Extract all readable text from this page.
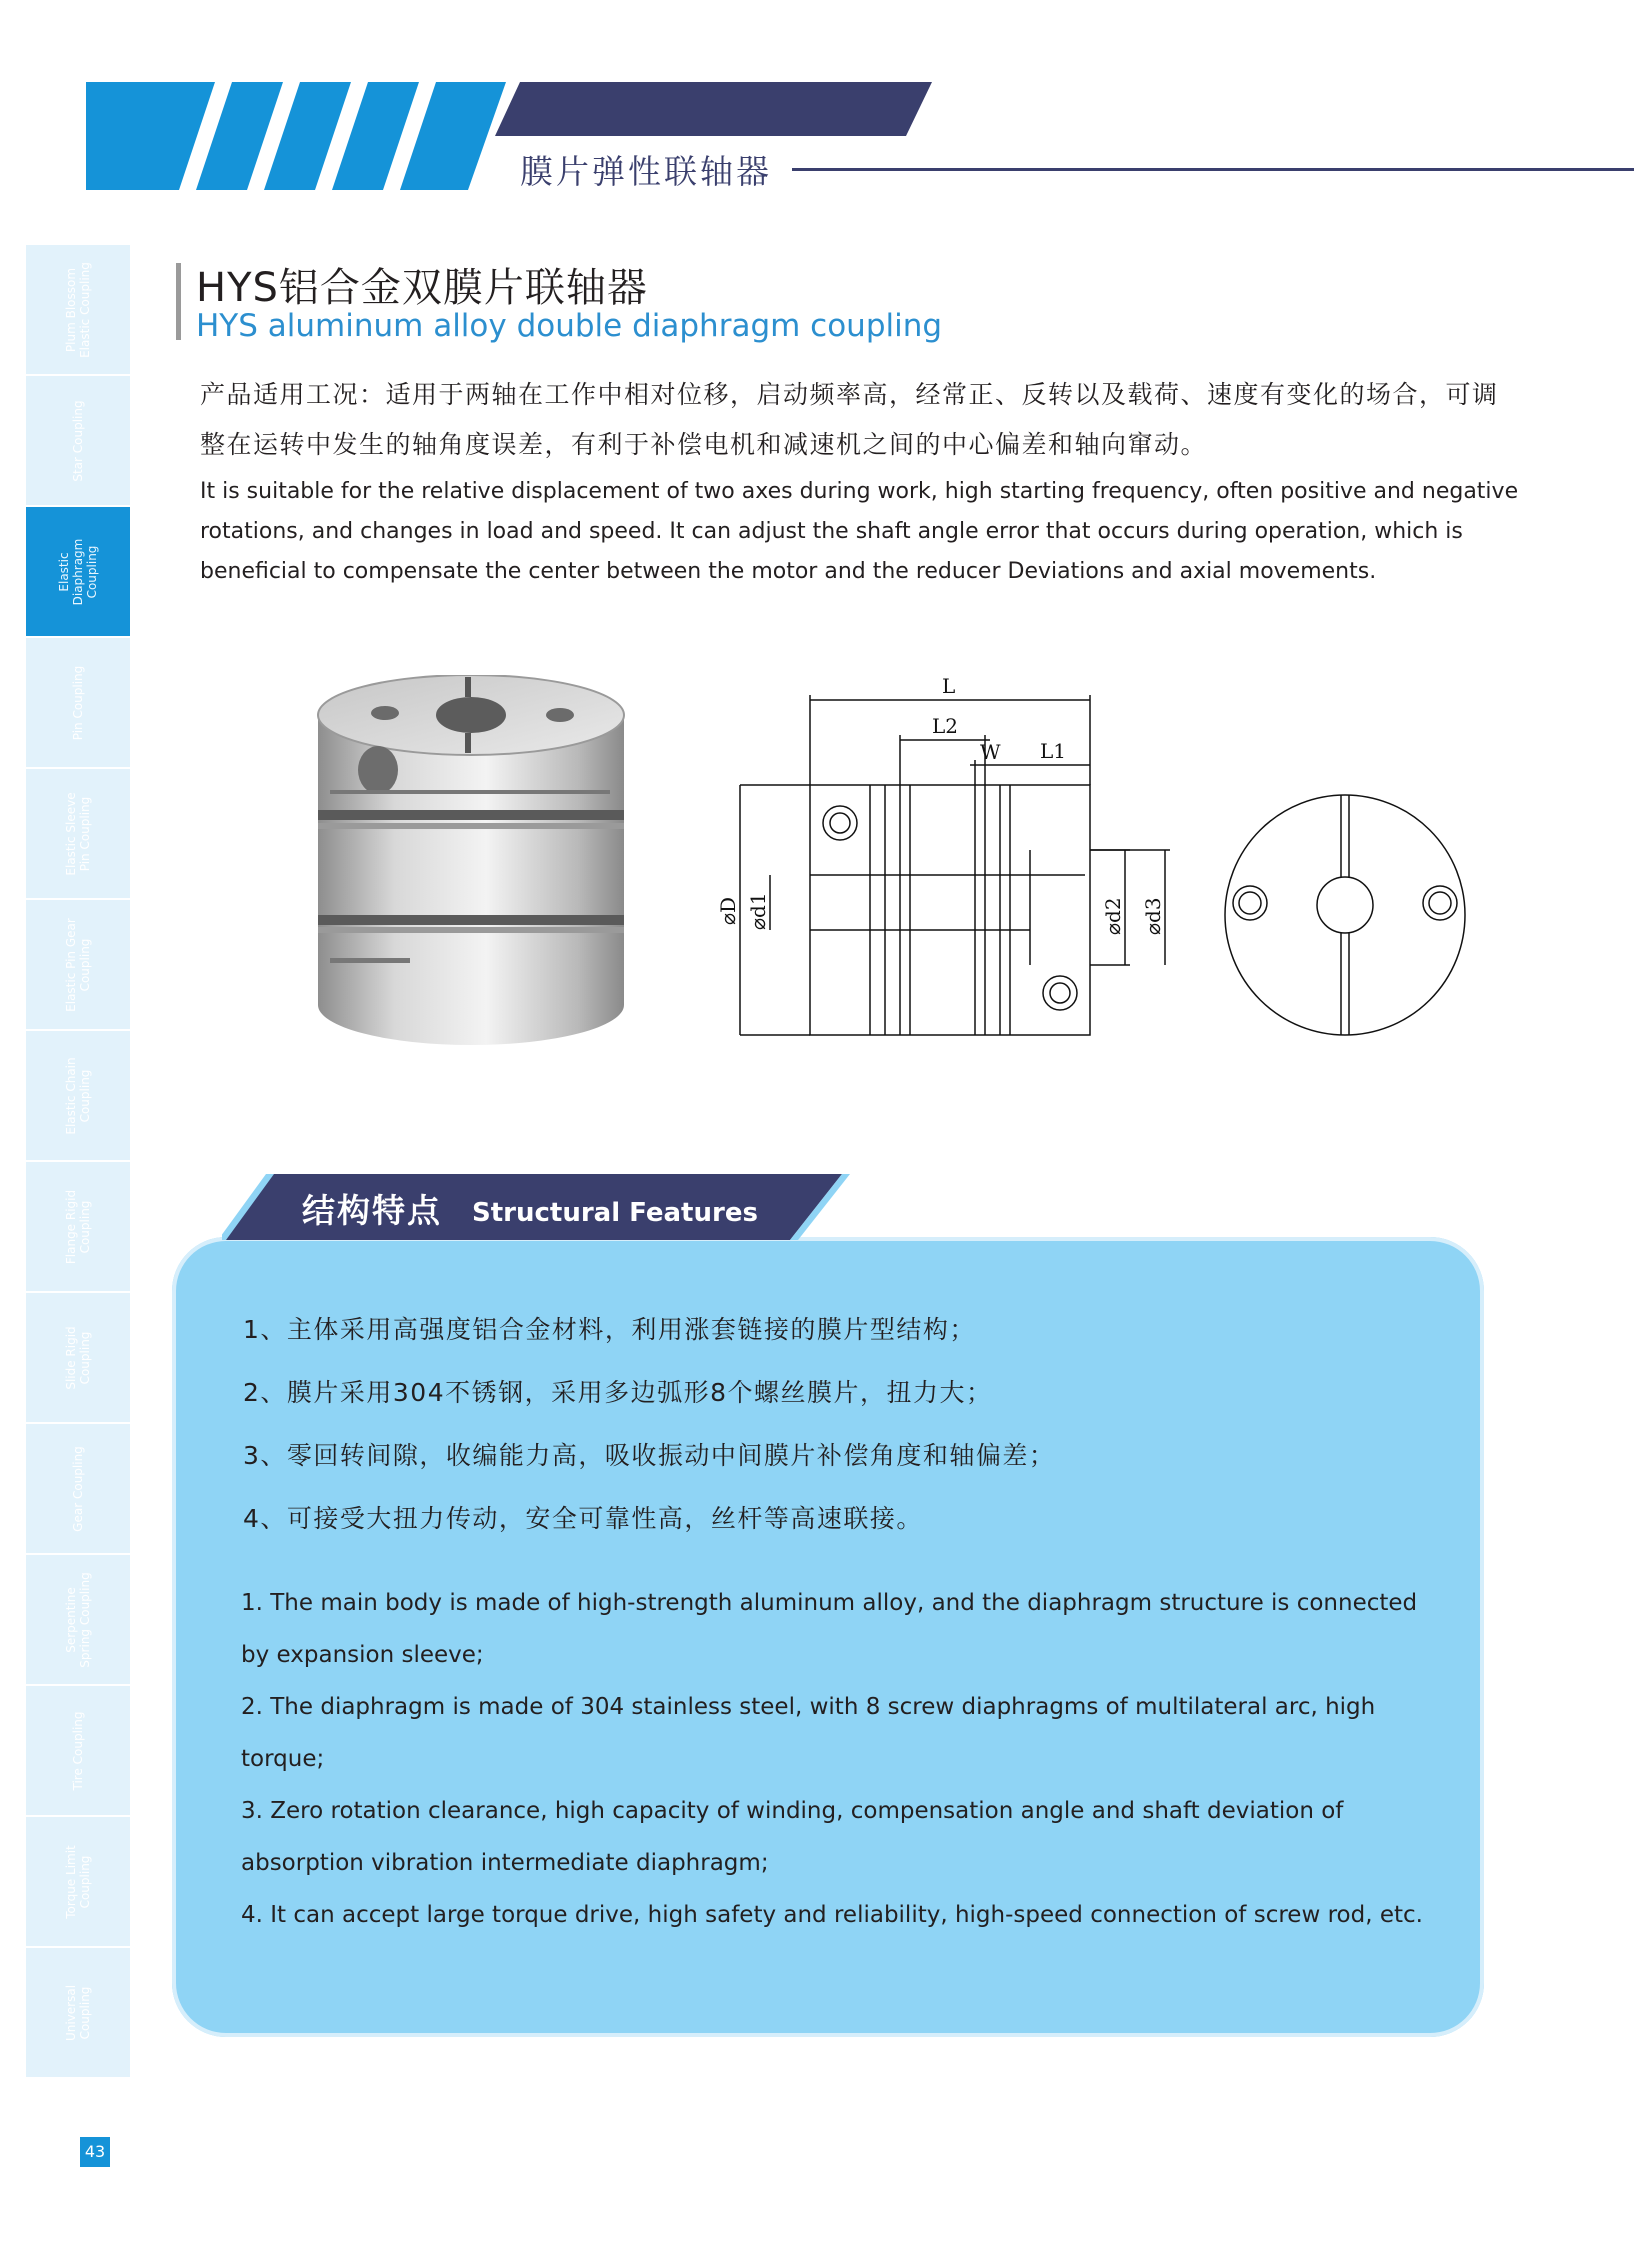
膜片弹性联轴器
Plum Blossom Elastic Coupling
Star Coupling
Elastic Diaphragm Coupling
Pin Coupling
Elastic Sleeve Pin Coupling
Elastic Pin Gear Coupling
Elastic Chain Coupling
Flange Rigid Coupling
Slide Rigid Coupling
Gear Coupling
Serpentine Spring Coupling
Tire Coupling
Torque Limit Coupling
Universal Coupling
HYS铝合金双膜片联轴器
HYS aluminum alloy double diaphragm coupling
产品适用工况：适用于两轴在工作中相对位移，启动频率高，经常正、反转以及载荷、速度有变化的场合，可调整在运转中发生的轴角度误差，有利于补偿电机和减速机之间的中心偏差和轴向窜动。
It is suitable for the relative displacement of two axes during work, high starting frequency, often positive and negative rotations, and changes in load and speed. It can adjust the shaft angle error that occurs during operation, which is beneficial to compensate the center between the motor and the reducer Deviations and axial movements.
L
L2
W L1
⌀D ⌀d1	⌀d2 ⌀d3
结构特点 Structural Features
1、主体采用高强度铝合金材料，利用涨套链接的膜片型结构；
2、膜片采用304不锈钢，采用多边弧形8个螺丝膜片，扭力大；
3、零回转间隙，收编能力高，吸收振动中间膜片补偿角度和轴偏差；
4、可接受大扭力传动，安全可靠性高，丝杆等高速联接。
1. The main body is made of high-strength aluminum alloy, and the diaphragm structure is connected by expansion sleeve;
2. The diaphragm is made of 304 stainless steel, with 8 screw diaphragms of multilateral arc, high torque;
3. Zero rotation clearance, high capacity of winding, compensation angle and shaft deviation of absorption vibration intermediate diaphragm;
4. It can accept large torque drive, high safety and reliability, high-speed connection of screw rod, etc.
43
